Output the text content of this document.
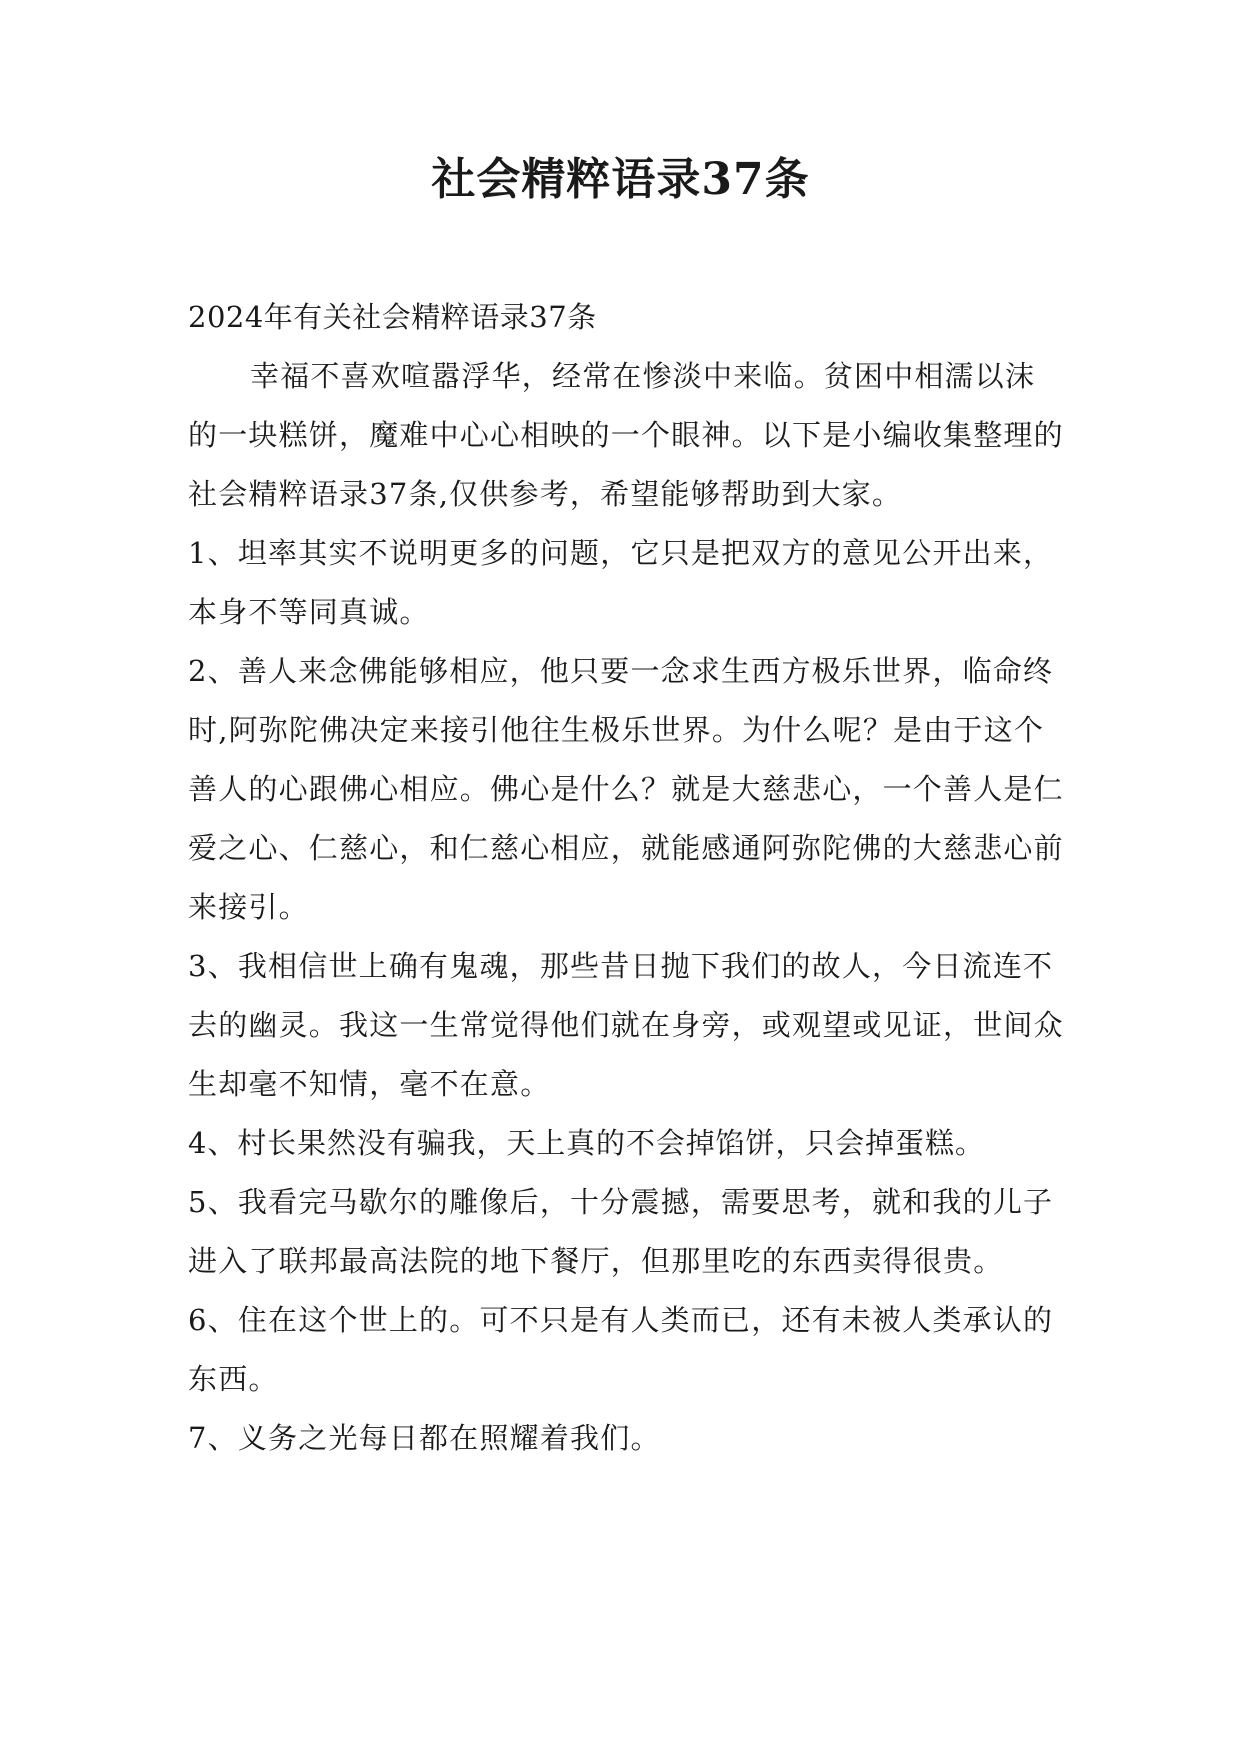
社会精粹语录37条

2024年有关社会精粹语录37条

幸福不喜欢喧嚣浮华，经常在惨淡中来临。贫困中相濡以沫的一块糕饼，魔难中心心相映的一个眼神。以下是小编收集整理的社会精粹语录37条,仅供参考，希望能够帮助到大家。

1、坦率其实不说明更多的问题，它只是把双方的意见公开出来，本身不等同真诚。

2、善人来念佛能够相应，他只要一念求生西方极乐世界，临命终时,阿弥陀佛决定来接引他往生极乐世界。为什么呢？是由于这个善人的心跟佛心相应。佛心是什么？就是大慈悲心，一个善人是仁爱之心、仁慈心，和仁慈心相应，就能感通阿弥陀佛的大慈悲心前来接引。

3、我相信世上确有鬼魂，那些昔日抛下我们的故人，今日流连不去的幽灵。我这一生常觉得他们就在身旁，或观望或见证，世间众生却毫不知情，毫不在意。

4、村长果然没有骗我，天上真的不会掉馅饼，只会掉蛋糕。

5、我看完马歇尔的雕像后，十分震撼，需要思考，就和我的儿子进入了联邦最高法院的地下餐厅，但那里吃的东西卖得很贵。

6、住在这个世上的。可不只是有人类而已，还有未被人类承认的东西。

7、义务之光每日都在照耀着我们。
